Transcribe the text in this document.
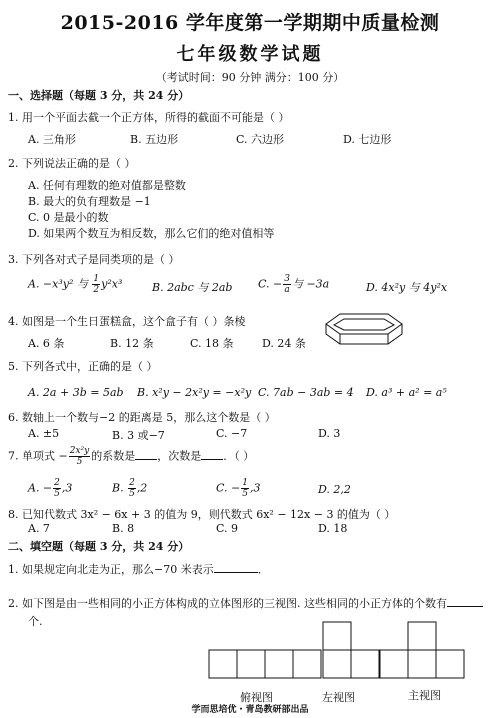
2015-2016 学年度第一学期期中质量检测
七年级数学试题
（考试时间：90 分钟 满分：100 分）
一、选择题（每题 3 分，共 24 分）
1. 用一个平面去截一个正方体，所得的截面不可能是（ ）
A. 三角形	B. 五边形	C. 六边形	D. 七边形
2. 下列说法正确的是（ ）
A. 任何有理数的绝对值都是整数
B. 最大的负有理数是 −1
C. 0 是最小的数
D. 如果两个数互为相反数，那么它们的绝对值相等
3. 下列各对式子是同类项的是（ ）
A. −x³y² 与 $\frac{1}{2} y^2x^3$	B. 2abc 与 2ab C. − $\frac{3}{a}$ 与 −3a	D. 4x²y 与 4y²x
4. 如图是一个生日蛋糕盒，这个盒子有（ ）条棱
A. 6 条	B. 12 条	C. 18 条	D. 24 条
5. 下列各式中，正确的是（ ）
A. 2a + 3b = 5ab B. x²y − 2x²y = −x²y C. 7ab − 3ab = 4 D. a³ + a² = a⁵
6. 数轴上一个数与−2 的距离是 5，那么这个数是（ ）
A. ±5	B. 3 或−7	C. −7	D. 3
7. 单项式 − $\frac{\text{2x²y}}{5}$ 的系数是 ，次数是 ．（ ）
A. − $\frac{2}{5} ,3$	B. $\frac{2}{5} ,2$	C. − $\frac{1}{5} ,3$	D. 2,2
8. 已知代数式 3x² − 6x + 3 的值为 9，则代数式 6x² − 12x − 3 的值为（ ）
A. 7	B. 8	C. 9	D. 18
二、填空题（每题 3 分，共 24 分）
1. 如果规定向北走为正，那么−70 米表示	．
2. 如下图是由一些相同的小正方体构成的立体图形的三视图. 这些相同的小正方体的个数有
个.
俯视图	左视图	主视图
学而思培优・青岛教研部出品
